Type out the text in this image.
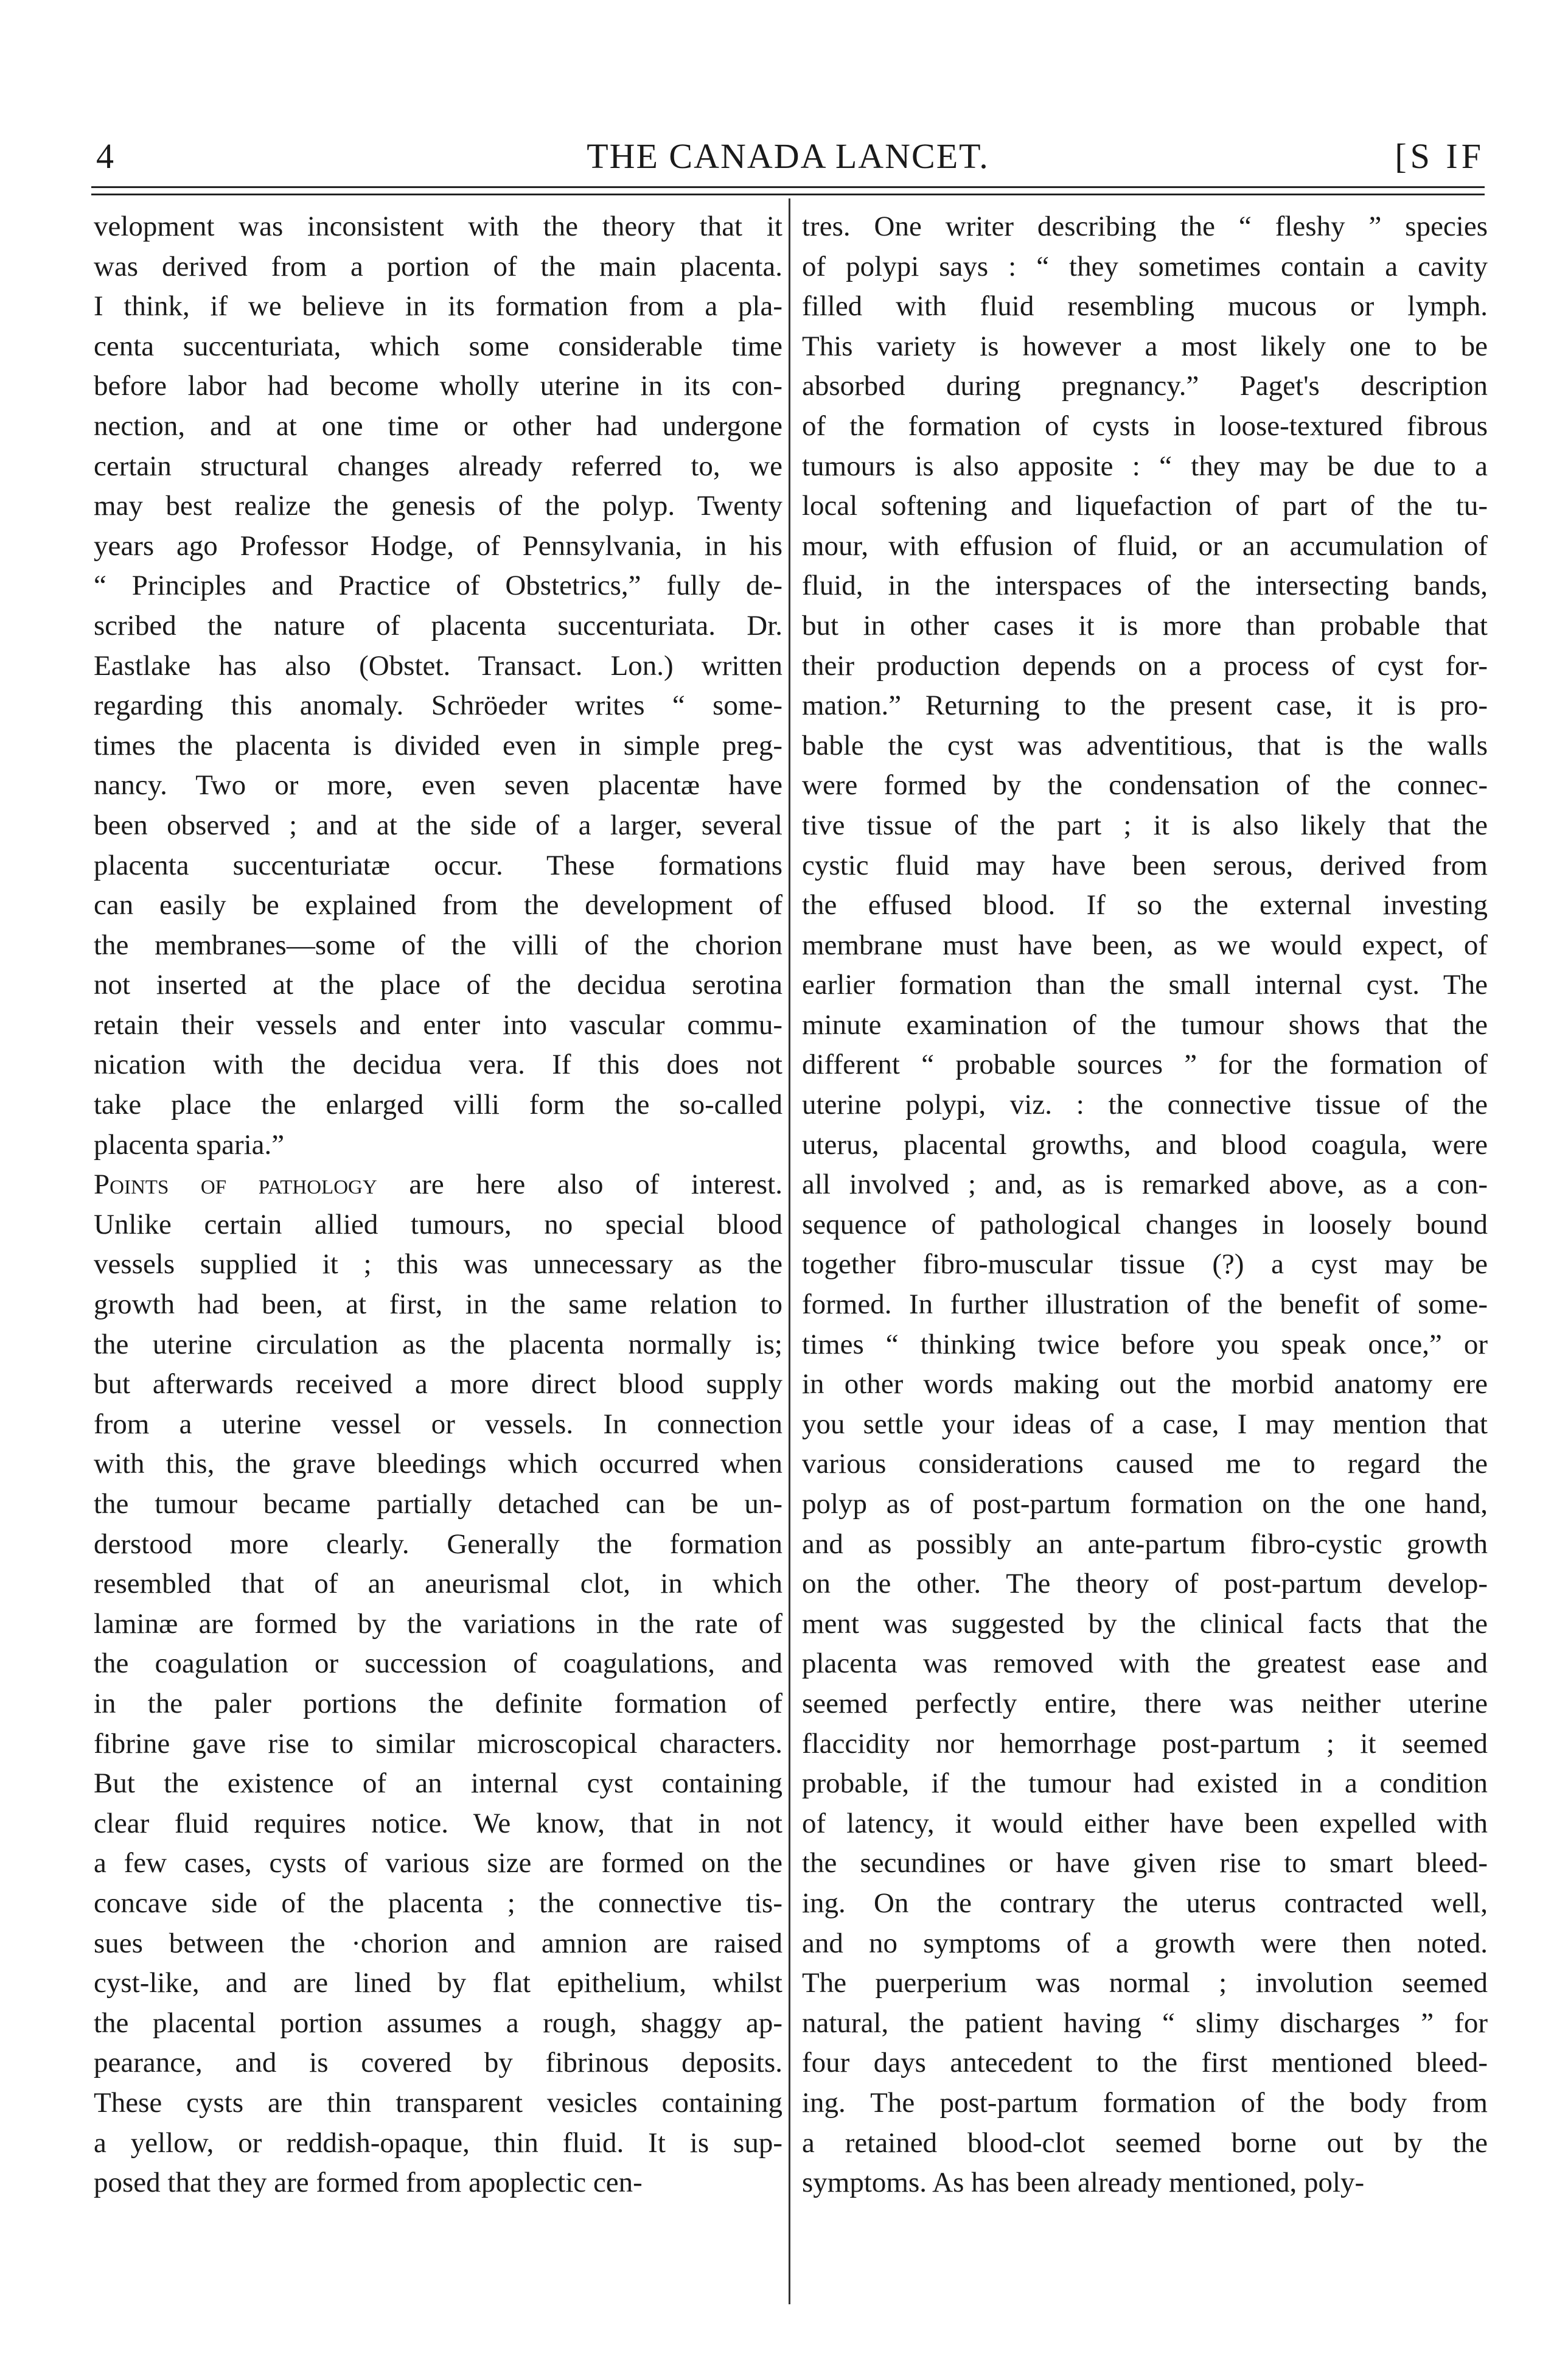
4	THE CANADA LANCET.	[S IF
velopment was inconsistent with the theory that it
was derived from a portion of the main placenta.
I think, if we believe in its formation from a pla-
centa succenturiata, which some considerable time
before labor had become wholly uterine in its con-
nection, and at one time or other had undergone
certain structural changes already referred to, we
may best realize the genesis of the polyp. Twenty
years ago Professor Hodge, of Pennsylvania, in his
“ Principles and Practice of Obstetrics,” fully de-
scribed the nature of placenta succenturiata. Dr.
Eastlake has also (Obstet. Transact. Lon.) written
regarding this anomaly. Schröeder writes “ some-
times the placenta is divided even in simple preg-
nancy. Two or more, even seven placentæ have
been observed ; and at the side of a larger, several
placenta succenturiatæ occur. These formations
can easily be explained from the development of
the membranes—some of the villi of the chorion
not inserted at the place of the decidua serotina
retain their vessels and enter into vascular commu-
nication with the decidua vera. If this does not
take place the enlarged villi form the so-called
placenta sparia.”
Points of pathology are here also of interest.
Unlike certain allied tumours, no special blood
vessels supplied it ; this was unnecessary as the
growth had been, at first, in the same relation to
the uterine circulation as the placenta normally is;
but afterwards received a more direct blood supply
from a uterine vessel or vessels. In connection
with this, the grave bleedings which occurred when
the tumour became partially detached can be un-
derstood more clearly. Generally the formation
resembled that of an aneurismal clot, in which
laminæ are formed by the variations in the rate of
the coagulation or succession of coagulations, and
in the paler portions the definite formation of
fibrine gave rise to similar microscopical characters.
But the existence of an internal cyst containing
clear fluid requires notice. We know, that in not
a few cases, cysts of various size are formed on the
concave side of the placenta ; the connective tis-
sues between the ·chorion and amnion are raised
cyst-like, and are lined by flat epithelium, whilst
the placental portion assumes a rough, shaggy ap-
pearance, and is covered by fibrinous deposits.
These cysts are thin transparent vesicles containing
a yellow, or reddish-opaque, thin fluid. It is sup-
posed that they are formed from apoplectic cen-
tres. One writer describing the “ fleshy ” species
of polypi says : “ they sometimes contain a cavity
filled with fluid resembling mucous or lymph.
This variety is however a most likely one to be
absorbed during pregnancy.” Paget's description
of the formation of cysts in loose-textured fibrous
tumours is also apposite : “ they may be due to a
local softening and liquefaction of part of the tu-
mour, with effusion of fluid, or an accumulation of
fluid, in the interspaces of the intersecting bands,
but in other cases it is more than probable that
their production depends on a process of cyst for-
mation.” Returning to the present case, it is pro-
bable the cyst was adventitious, that is the walls
were formed by the condensation of the connec-
tive tissue of the part ; it is also likely that the
cystic fluid may have been serous, derived from
the effused blood. If so the external investing
membrane must have been, as we would expect, of
earlier formation than the small internal cyst. The
minute examination of the tumour shows that the
different “ probable sources ” for the formation of
uterine polypi, viz. : the connective tissue of the
uterus, placental growths, and blood coagula, were
all involved ; and, as is remarked above, as a con-
sequence of pathological changes in loosely bound
together fibro-muscular tissue (?) a cyst may be
formed. In further illustration of the benefit of some-
times “ thinking twice before you speak once,” or
in other words making out the morbid anatomy ere
you settle your ideas of a case, I may mention that
various considerations caused me to regard the
polyp as of post-partum formation on the one hand,
and as possibly an ante-partum fibro-cystic growth
on the other. The theory of post-partum develop-
ment was suggested by the clinical facts that the
placenta was removed with the greatest ease and
seemed perfectly entire, there was neither uterine
flaccidity nor hemorrhage post-partum ; it seemed
probable, if the tumour had existed in a condition
of latency, it would either have been expelled with
the secundines or have given rise to smart bleed-
ing. On the contrary the uterus contracted well,
and no symptoms of a growth were then noted.
The puerperium was normal ; involution seemed
natural, the patient having “ slimy discharges ” for
four days antecedent to the first mentioned bleed-
ing. The post-partum formation of the body from
a retained blood-clot seemed borne out by the
symptoms. As has been already mentioned, poly-
